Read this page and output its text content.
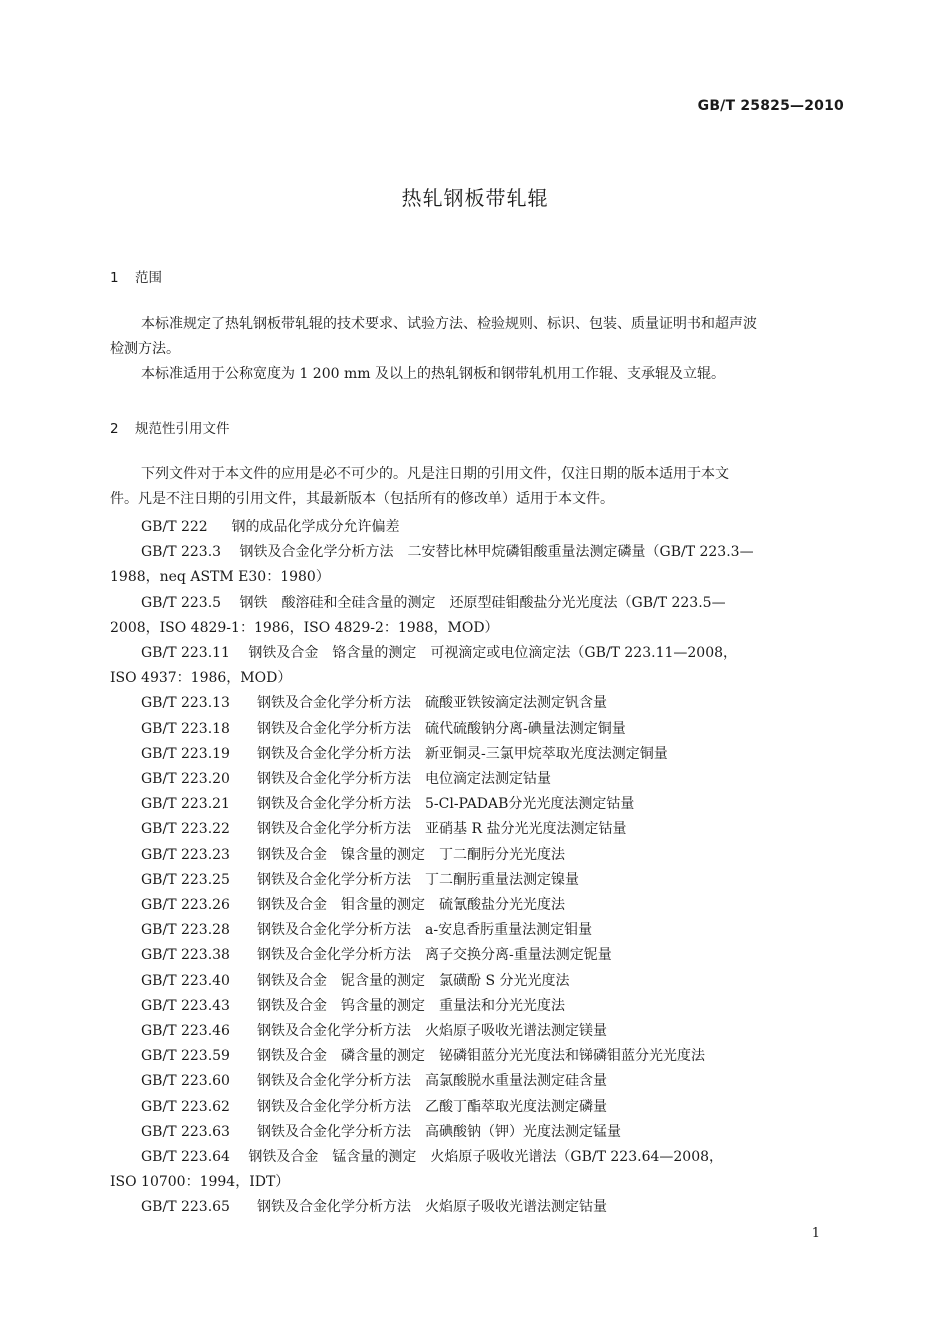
GB/T 25825—2010
热轧钢板带轧辊
1 范围
本标准规定了热轧钢板带轧辊的技术要求、试验方法、检验规则、标识、包装、质量证明书和超声波
检测方法。
本标准适用于公称宽度为 1 200 mm 及以上的热轧钢板和钢带轧机用工作辊、支承辊及立辊。
2 规范性引用文件
下列文件对于本文件的应用是必不可少的。凡是注日期的引用文件，仅注日期的版本适用于本文
件。凡是不注日期的引用文件，其最新版本（包括所有的修改单）适用于本文件。
GB/T 222 钢的成品化学成分允许偏差
GB/T 223.3　 钢铁及合金化学分析方法　二安替比林甲烷磷钼酸重量法测定磷量（GB/T 223.3—
1988，neq ASTM E30：1980）
GB/T 223.5　 钢铁　酸溶硅和全硅含量的测定　还原型硅钼酸盐分光光度法（GB/T 223.5—
2008，ISO 4829-1：1986，ISO 4829-2：1988，MOD）
GB/T 223.11　 钢铁及合金　铬含量的测定　可视滴定或电位滴定法（GB/T 223.11—2008，
ISO 4937：1986，MOD）
GB/T 223.13 钢铁及合金化学分析方法　硫酸亚铁铵滴定法测定钒含量
GB/T 223.18 钢铁及合金化学分析方法　硫代硫酸钠分离-碘量法测定铜量
GB/T 223.19 钢铁及合金化学分析方法　新亚铜灵-三氯甲烷萃取光度法测定铜量
GB/T 223.20 钢铁及合金化学分析方法　电位滴定法测定钴量
GB/T 223.21 钢铁及合金化学分析方法　5-Cl-PADAB分光光度法测定钴量
GB/T 223.22 钢铁及合金化学分析方法　亚硝基 R 盐分光光度法测定钴量
GB/T 223.23 钢铁及合金　镍含量的测定　丁二酮肟分光光度法
GB/T 223.25 钢铁及合金化学分析方法　丁二酮肟重量法测定镍量
GB/T 223.26 钢铁及合金　钼含量的测定　硫氰酸盐分光光度法
GB/T 223.28 钢铁及合金化学分析方法　a-安息香肟重量法测定钼量
GB/T 223.38 钢铁及合金化学分析方法　离子交换分离-重量法测定铌量
GB/T 223.40 钢铁及合金　铌含量的测定　氯磺酚 S 分光光度法
GB/T 223.43 钢铁及合金　钨含量的测定　重量法和分光光度法
GB/T 223.46 钢铁及合金化学分析方法　火焰原子吸收光谱法测定镁量
GB/T 223.59 钢铁及合金　磷含量的测定　铋磷钼蓝分光光度法和锑磷钼蓝分光光度法
GB/T 223.60 钢铁及合金化学分析方法　高氯酸脱水重量法测定硅含量
GB/T 223.62 钢铁及合金化学分析方法　乙酸丁酯萃取光度法测定磷量
GB/T 223.63 钢铁及合金化学分析方法　高碘酸钠（钾）光度法测定锰量
GB/T 223.64　 钢铁及合金　锰含量的测定　火焰原子吸收光谱法（GB/T 223.64—2008，
ISO 10700：1994，IDT）
GB/T 223.65 钢铁及合金化学分析方法　火焰原子吸收光谱法测定钴量
1
